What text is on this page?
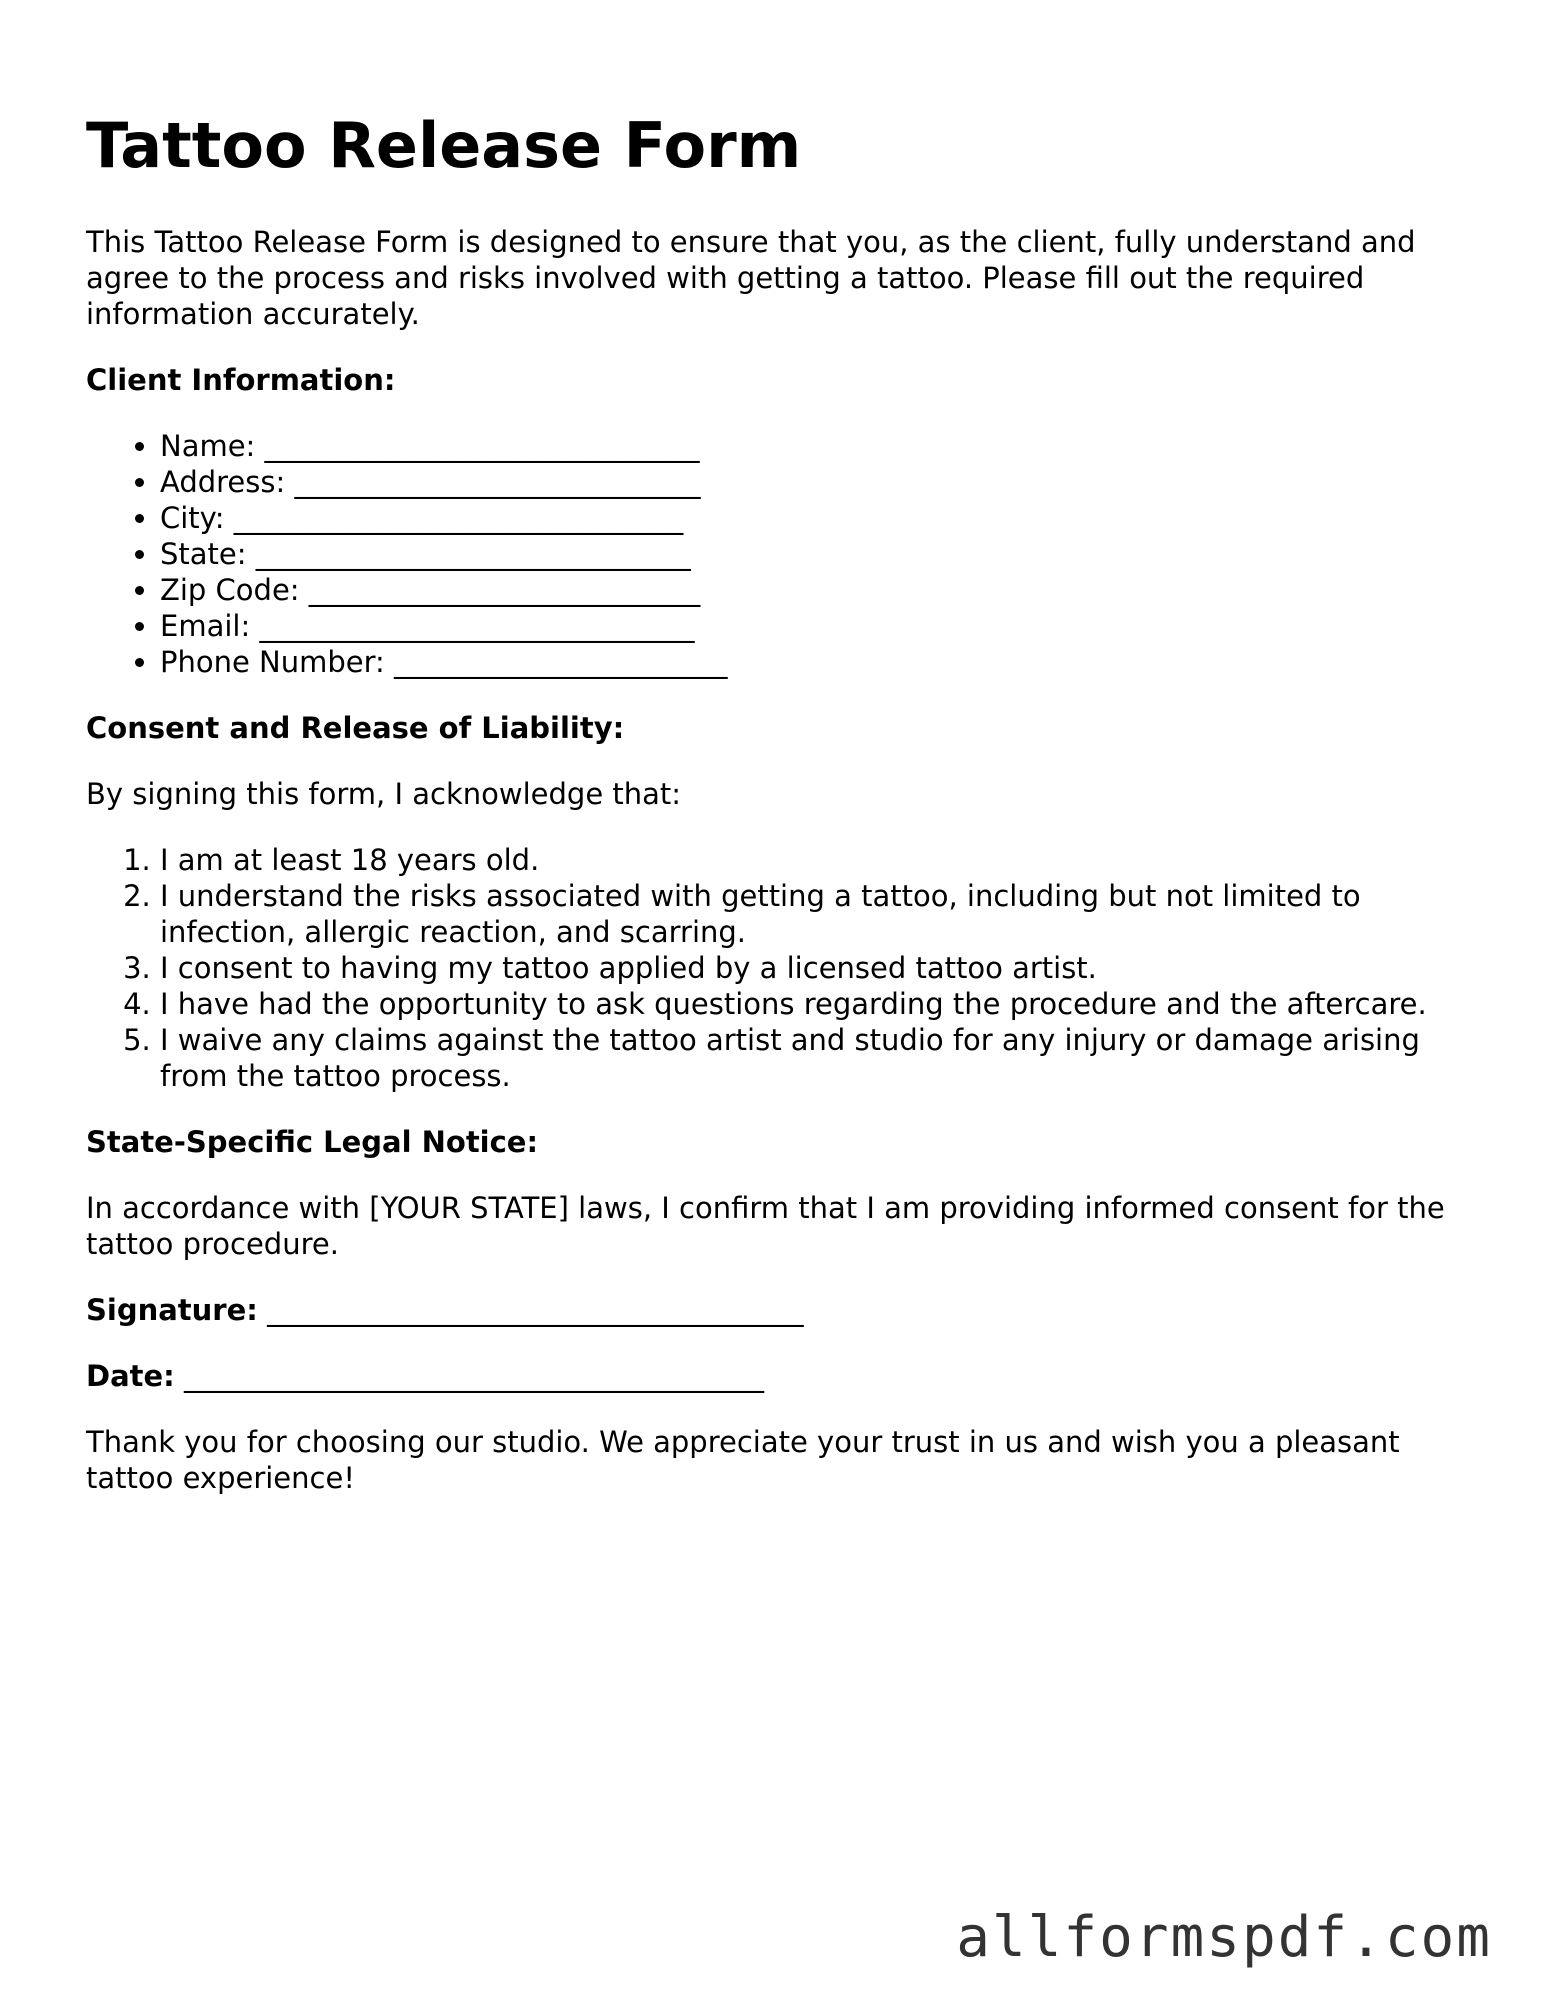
Tattoo Release Form

This Tattoo Release Form is designed to ensure that you, as the client, fully understand and agree to the process and risks involved with getting a tattoo. Please fill out the required information accurately.

Client Information:
• Name: ______________________________
• Address: ____________________________
• City: _______________________________
• State: ______________________________
• Zip Code: ___________________________
• Email: ______________________________
• Phone Number: _______________________
Consent and Release of Liability:

By signing this form, I acknowledge that:

1. I am at least 18 years old.
2. I understand the risks associated with getting a tattoo, including but not limited to infection, allergic reaction, and scarring.
3. I consent to having my tattoo applied by a licensed tattoo artist.
4. I have had the opportunity to ask questions regarding the procedure and the aftercare.
5. I waive any claims against the tattoo artist and studio for any injury or damage arising from the tattoo process.
State-Specific Legal Notice:

In accordance with [YOUR STATE] laws, I confirm that I am providing informed consent for the tattoo procedure.

Signature: _____________________________________
Date: ________________________________________

Thank you for choosing our studio. We appreciate your trust in us and wish you a pleasant tattoo experience!

allformspdf.com
